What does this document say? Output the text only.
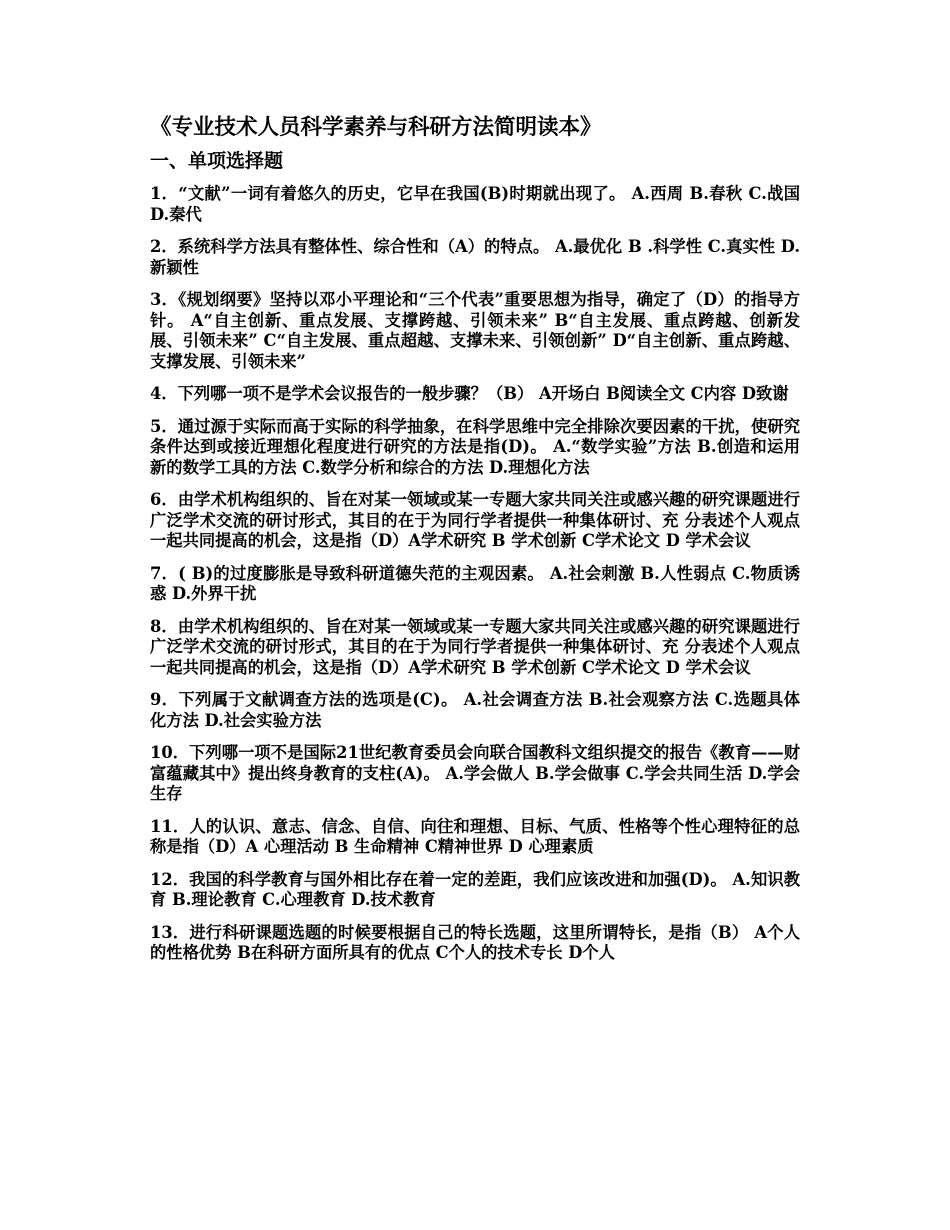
《专业技术人员科学素养与科研方法简明读本》
一、单项选择题
1．“文献”一词有着悠久的历史，它早在我国(B)时期就出现了。 A.西周 B.春秋 C.战国 D.秦代
2．系统科学方法具有整体性、综合性和（A）的特点。 A.最优化 B .科学性 C.真实性 D.新颖性
3．《规划纲要》坚持以邓小平理论和“三个代表”重要思想为指导，确定了（D）的指导方针。 A“自主创新、重点发展、支撑跨越、引领未来” B“自主发展、重点跨越、创新发展、引领未来” C“自主发展、重点超越、支撑未来、引领创新” D“自主创新、重点跨越、支撑发展、引领未来”
4．下列哪一项不是学术会议报告的一般步骤？（B） A开场白 B阅读全文 C内容 D致谢
5．通过源于实际而高于实际的科学抽象，在科学思维中完全排除次要因素的干扰，使研究条件达到或接近理想化程度进行研究的方法是指(D)。 A.“数学实验”方法 B.创造和运用新的数学工具的方法 C.数学分析和综合的方法 D.理想化方法
6．由学术机构组织的、旨在对某一领域或某一专题大家共同关注或感兴趣的研究课题进行广泛学术交流的研讨形式，其目的在于为同行学者提供一种集体研讨、充 分表述个人观点一起共同提高的机会，这是指（D）A学术研究 B 学术创新 C学术论文 D 学术会议
7．( B)的过度膨胀是导致科研道德失范的主观因素。 A.社会刺激 B.人性弱点 C.物质诱惑 D.外界干扰
8．由学术机构组织的、旨在对某一领域或某一专题大家共同关注或感兴趣的研究课题进行广泛学术交流的研讨形式，其目的在于为同行学者提供一种集体研讨、充 分表述个人观点一起共同提高的机会，这是指（D）A学术研究 B 学术创新 C学术论文 D 学术会议
9．下列属于文献调查方法的选项是(C)。 A.社会调查方法 B.社会观察方法 C.选题具体化方法 D.社会实验方法
10．下列哪一项不是国际21世纪教育委员会向联合国教科文组织提交的报告《教育——财富蕴藏其中》提出终身教育的支柱(A)。 A.学会做人 B.学会做事 C.学会共同生活 D.学会生存
11．人的认识、意志、信念、自信、向往和理想、目标、气质、性格等个性心理特征的总称是指（D）A 心理活动 B 生命精神 C精神世界 D 心理素质
12．我国的科学教育与国外相比存在着一定的差距，我们应该改进和加强(D)。 A.知识教育 B.理论教育 C.心理教育 D.技术教育
13．进行科研课题选题的时候要根据自己的特长选题，这里所谓特长，是指（B） A个人的性格优势 B在科研方面所具有的优点 C个人的技术专长 D个人
